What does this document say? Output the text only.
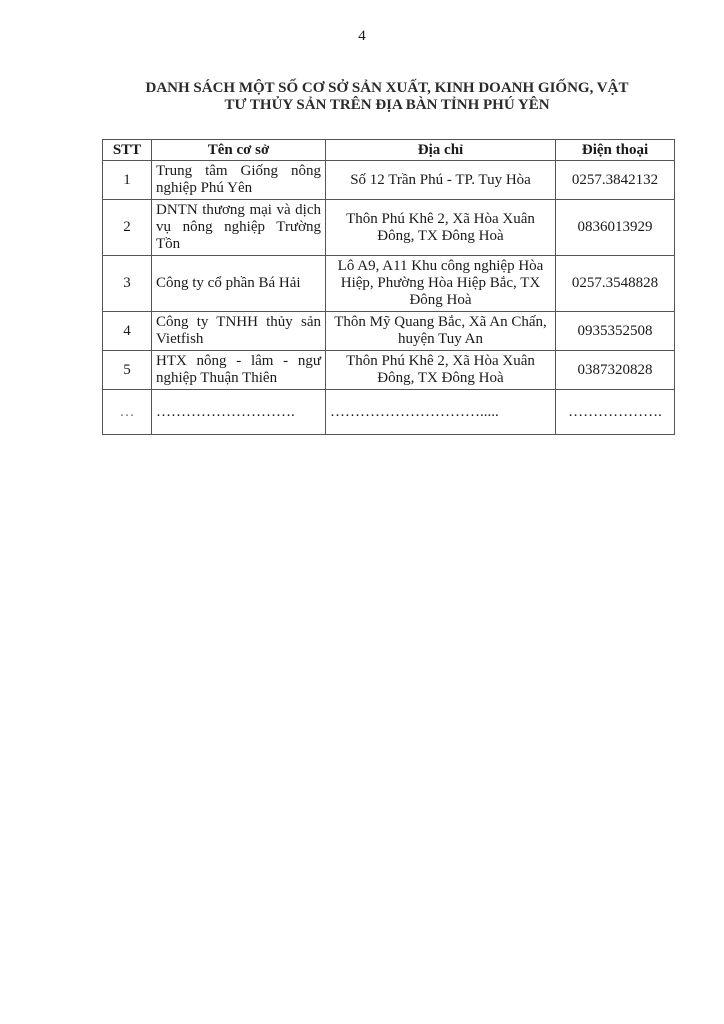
4
DANH SÁCH MỘT SỐ CƠ SỞ SẢN XUẤT, KINH DOANH GIỐNG, VẬT
TƯ THỦY SẢN TRÊN ĐỊA BÀN TỈNH PHÚ YÊN
STT	Tên cơ sở	Địa chỉ	Điện thoại
1	Trung tâm Giống nông nghiệp Phú Yên	Số 12 Trần Phú - TP. Tuy Hòa	0257.3842132
2	DNTN thương mại và dịch vụ nông nghiệp Trường Tồn	Thôn Phú Khê 2, Xã Hòa Xuân Đông, TX Đông Hoà	0836013929
3	Công ty cổ phần Bá Hải	Lô A9, A11 Khu công nghiệp Hòa Hiệp, Phường Hòa Hiệp Bắc, TX Đông Hoà	0257.3548828
4	Công ty TNHH thủy sản Vietfish	Thôn Mỹ Quang Bắc, Xã An Chấn, huyện Tuy An	0935352508
5	HTX nông - lâm - ngư nghiệp Thuận Thiên	Thôn Phú Khê 2, Xã Hòa Xuân Đông, TX Đông Hoà	0387320828
…	……………………….	………………………….....	……………….
